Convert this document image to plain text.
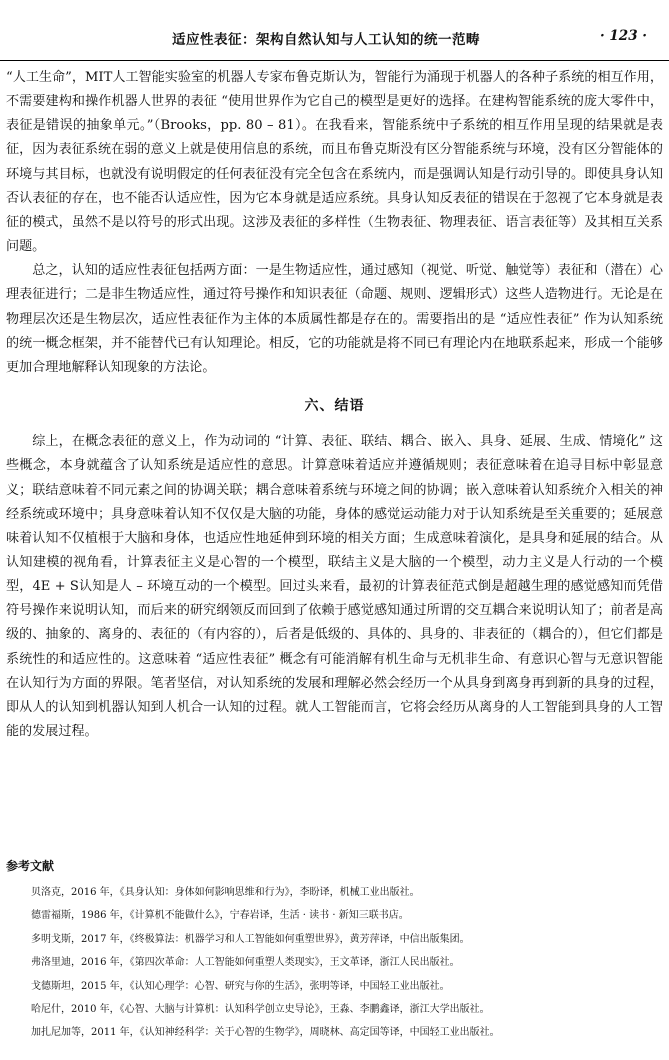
适应性表征：架构自然认知与人工认知的统一范畴	· 123 ·

“人工生命”，MIT人工智能实验室的机器人专家布鲁克斯认为，智能行为涌现于机器人的各种子系统的相互作用，不需要建构和操作机器人世界的表征 “使用世界作为它自己的模型是更好的选择。在建构智能系统的庞大零件中，表征是错误的抽象单元。”（Brooks，pp. 80 – 81）。在我看来，智能系统中子系统的相互作用呈现的结果就是表征，因为表征系统在弱的意义上就是使用信息的系统，而且布鲁克斯没有区分智能系统与环境，没有区分智能体的环境与其目标，也就没有说明假定的任何表征没有完全包含在系统内，而是强调认知是行动引导的。即使具身认知否认表征的存在，也不能否认适应性，因为它本身就是适应系统。具身认知反表征的错误在于忽视了它本身就是表征的模式，虽然不是以符号的形式出现。这涉及表征的多样性（生物表征、物理表征、语言表征等）及其相互关系问题。

总之，认知的适应性表征包括两方面：一是生物适应性，通过感知（视觉、听觉、触觉等）表征和（潜在）心理表征进行；二是非生物适应性，通过符号操作和知识表征（命题、规则、逻辑形式）这些人造物进行。无论是在物理层次还是生物层次，适应性表征作为主体的本质属性都是存在的。需要指出的是 “适应性表征” 作为认知系统的统一概念框架，并不能替代已有认知理论。相反，它的功能就是将不同已有理论内在地联系起来，形成一个能够更加合理地解释认知现象的方法论。

六、结语

综上，在概念表征的意义上，作为动词的 “计算、表征、联结、耦合、嵌入、具身、延展、生成、情境化” 这些概念，本身就蕴含了认知系统是适应性的意思。计算意味着适应并遵循规则；表征意味着在追寻目标中彰显意义；联结意味着不同元素之间的协调关联；耦合意味着系统与环境之间的协调；嵌入意味着认知系统介入相关的神经系统或环境中；具身意味着认知不仅仅是大脑的功能，身体的感觉运动能力对于认知系统是至关重要的；延展意味着认知不仅植根于大脑和身体，也适应性地延伸到环境的相关方面；生成意味着演化，是具身和延展的结合。从认知建模的视角看，计算表征主义是心智的一个模型，联结主义是大脑的一个模型，动力主义是人行动的一个模型，4E + S认知是人 – 环境互动的一个模型。回过头来看，最初的计算表征范式倒是超越生理的感觉感知而凭借符号操作来说明认知，而后来的研究纲领反而回到了依赖于感觉感知通过所谓的交互耦合来说明认知了；前者是高级的、抽象的、离身的、表征的（有内容的），后者是低级的、具体的、具身的、非表征的（耦合的），但它们都是系统性的和适应性的。这意味着 “适应性表征” 概念有可能消解有机生命与无机非生命、有意识心智与无意识智能在认知行为方面的界限。笔者坚信，对认知系统的发展和理解必然会经历一个从具身到离身再到新的具身的过程，即从人的认知到机器认知到人机合一认知的过程。就人工智能而言，它将会经历从离身的人工智能到具身的人工智能的发展过程。

参考文献
贝洛克，2016 年，《具身认知：身体如何影响思维和行为》，李盼译，机械工业出版社。
德雷福斯，1986 年，《计算机不能做什么》，宁春岩译，生活 · 读书 · 新知三联书店。
多明戈斯，2017 年，《终极算法：机器学习和人工智能如何重塑世界》，黄芳萍译，中信出版集团。
弗洛里迪，2016 年，《第四次革命：人工智能如何重塑人类现实》，王文革译，浙江人民出版社。
戈德斯坦，2015 年，《认知心理学：心智、研究与你的生活》，张明等译，中国轻工业出版社。
哈尼什，2010 年，《心智、大脑与计算机：认知科学创立史导论》，王淼、李鹏鑫译，浙江大学出版社。
加扎尼加等，2011 年，《认知神经科学：关于心智的生物学》，周晓林、高定国等译，中国轻工业出版社。
